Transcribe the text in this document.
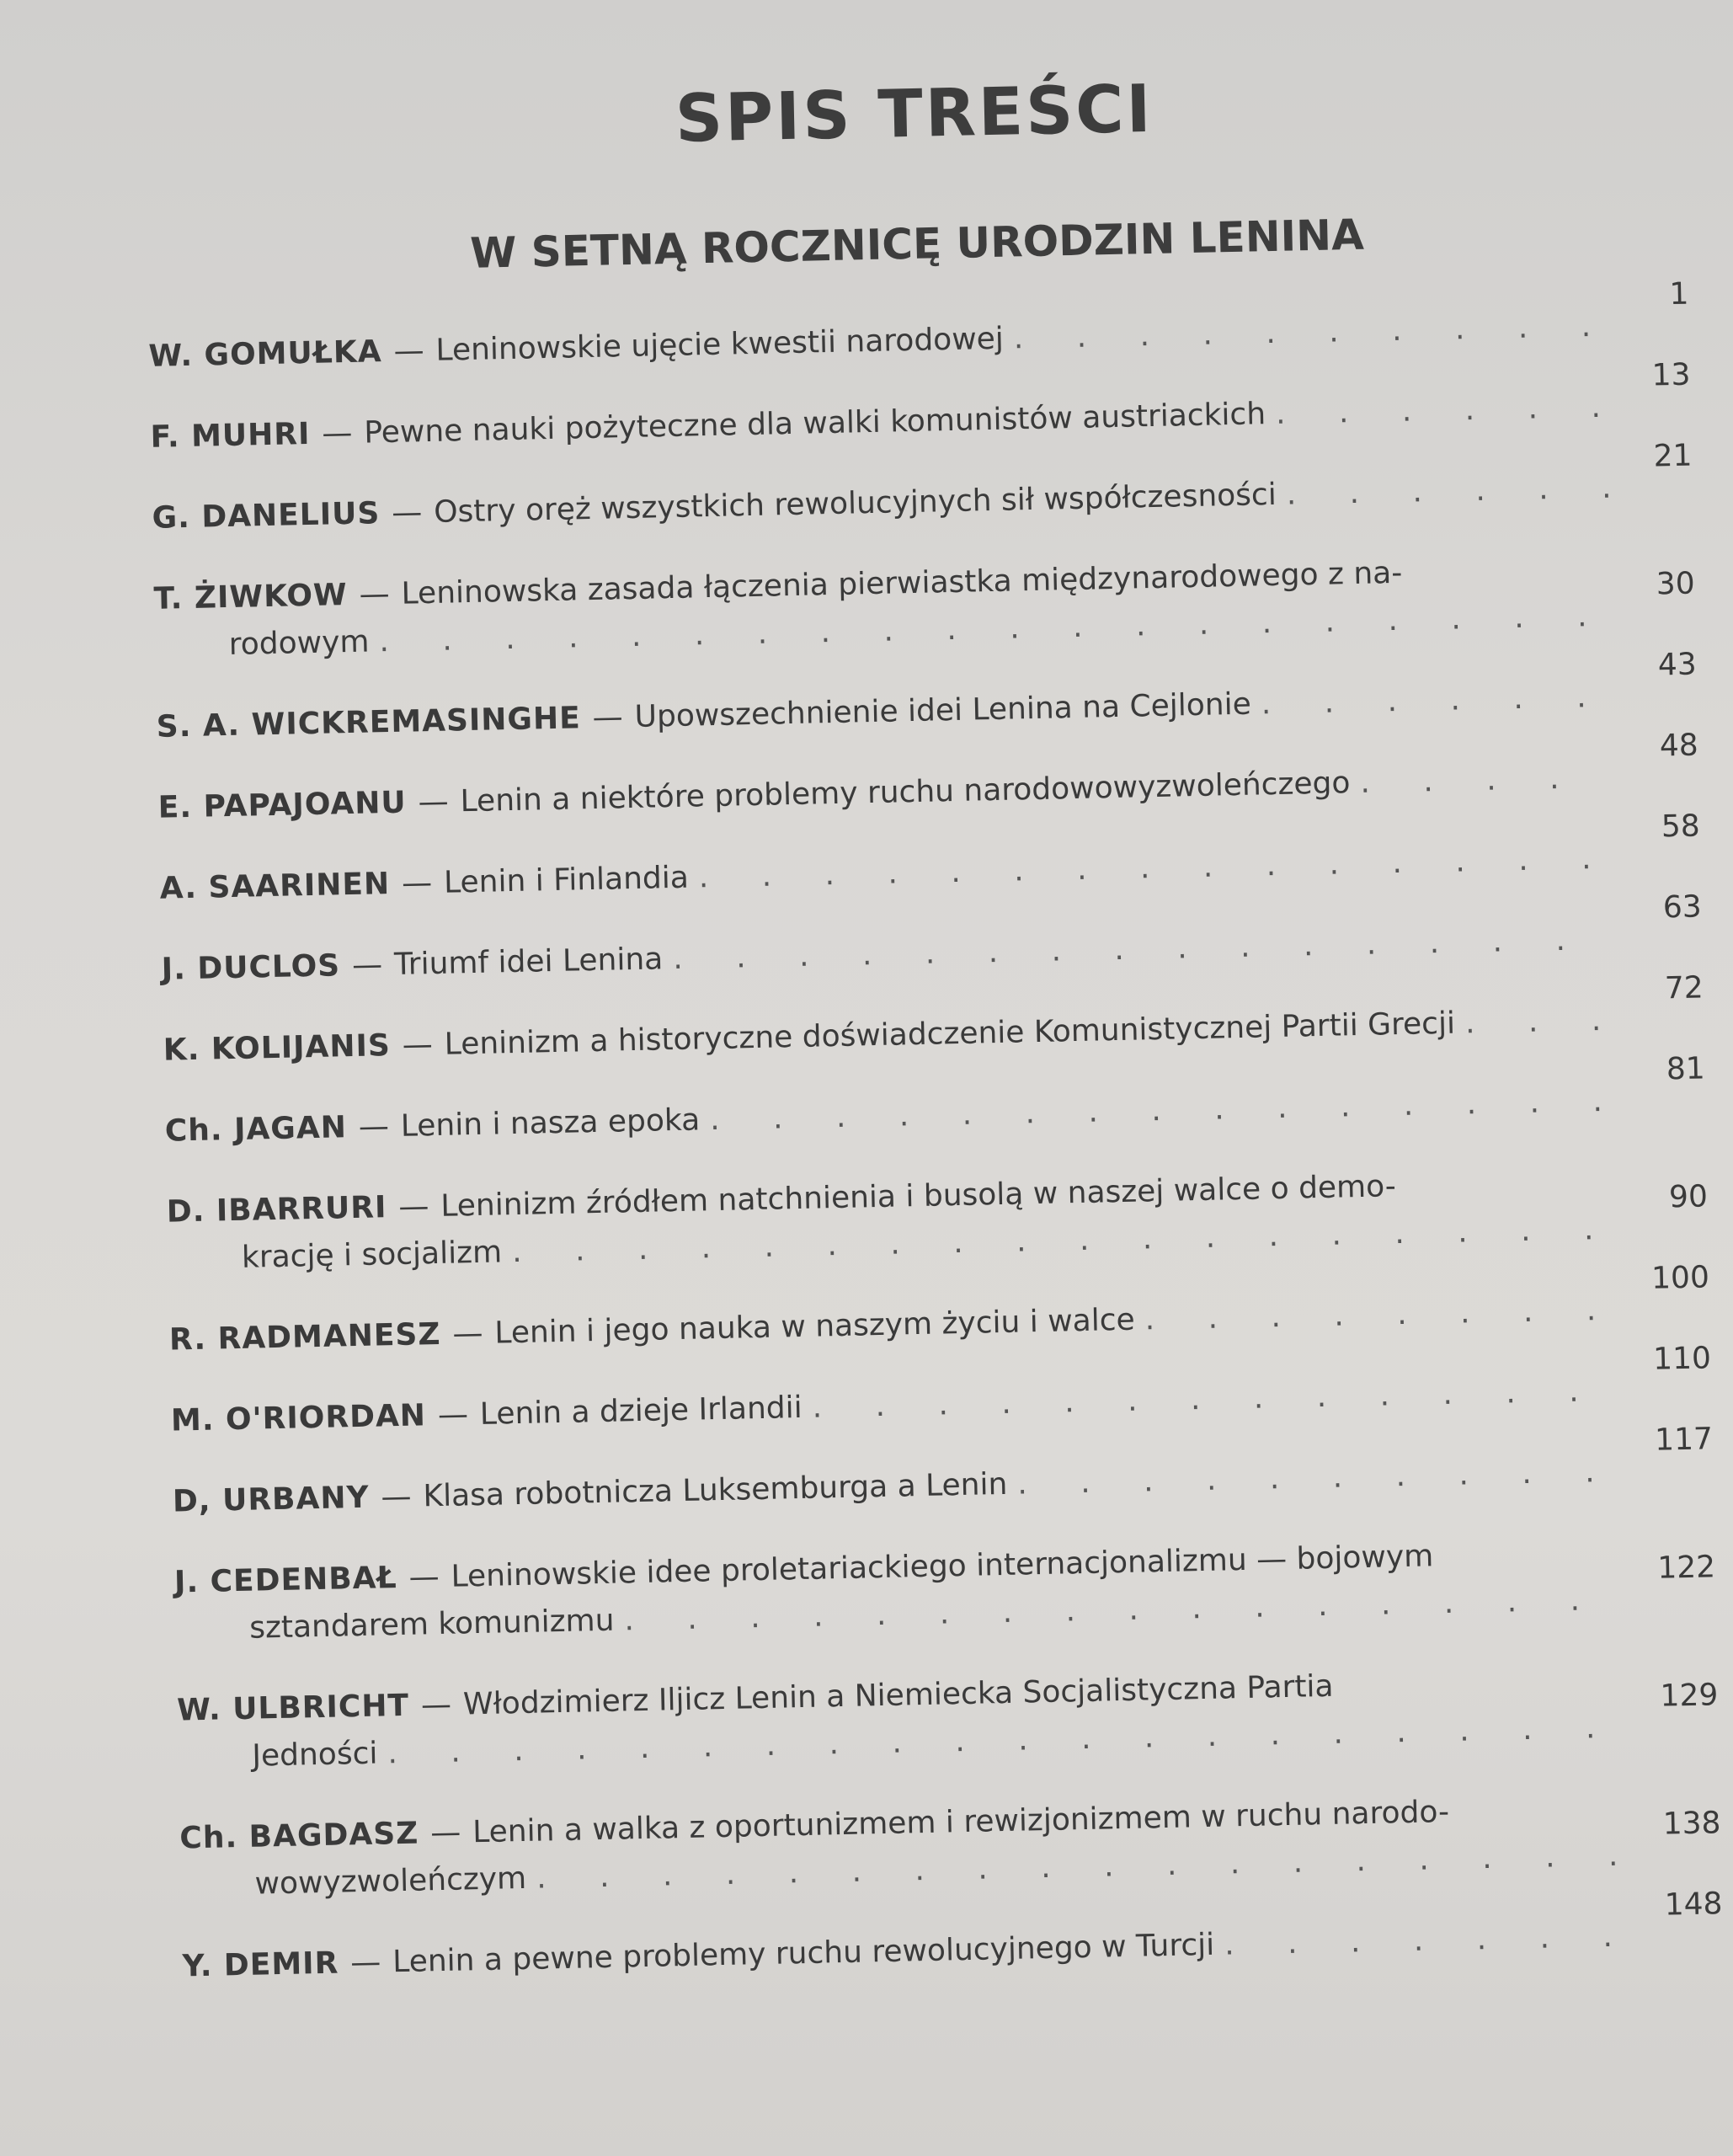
SPIS TREŚCI
W SETNĄ ROCZNICĘ URODZIN LENINA
W. GOMUŁKA — Leninowskie ujęcie kwestii narodowej
. . .
1
F. MUHRI — Pewne nauki pożyteczne dla walki komunistów austriackich
. . .
13
G. DANELIUS — Ostry oręż wszystkich rewolucyjnych sił współczesności
. . .
21
T. ŻIWKOW — Leninowska zasada łączenia pierwiastka międzynarodowego z na-
rodowym
. . .
30
S. A. WICKREMASINGHE — Upowszechnienie idei Lenina na Cejlonie
. . .
43
E. PAPAJOANU — Lenin a niektóre problemy ruchu narodowowyzwoleńczego
. . .
48
A. SAARINEN — Lenin i Finlandia
. . .
58
J. DUCLOS — Triumf idei Lenina
. . .
63
K. KOLIJANIS — Leninizm a historyczne doświadczenie Komunistycznej Partii Grecji
. . .
72
Ch. JAGAN — Lenin i nasza epoka
. . .
81
D. IBARRURI — Leninizm źródłem natchnienia i busolą w naszej walce o demo-
krację i socjalizm
. . .
90
R. RADMANESZ — Lenin i jego nauka w naszym życiu i walce
. . .
100
M. O'RIORDAN — Lenin a dzieje Irlandii
. . .
110
D, URBANY — Klasa robotnicza Luksemburga a Lenin
. . .
117
J. CEDENBAŁ — Leninowskie idee proletariackiego internacjonalizmu — bojowym
sztandarem komunizmu
. . .
122
W. ULBRICHT — Włodzimierz Iljicz Lenin a Niemiecka Socjalistyczna Partia
Jedności
. . .
129
Ch. BAGDASZ — Lenin a walka z oportunizmem i rewizjonizmem w ruchu narodo-
wowyzwoleńczym
. . .
138
Y. DEMIR — Lenin a pewne problemy ruchu rewolucyjnego w Turcji
. . .
148
